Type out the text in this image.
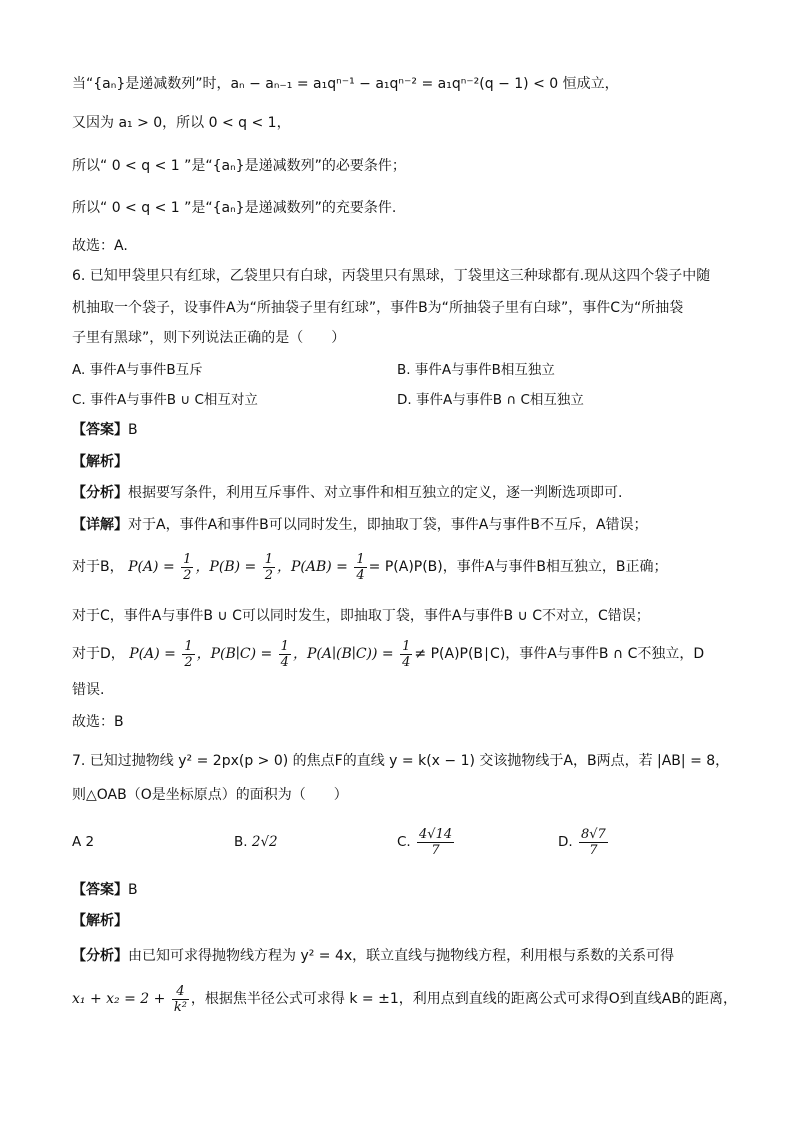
当“{aₙ}是递减数列”时，aₙ − aₙ₋₁ = a₁qⁿ⁻¹ − a₁qⁿ⁻² = a₁qⁿ⁻²(q − 1) < 0 恒成立，
又因为 a₁ > 0，所以 0 < q < 1，
所以“ 0 < q < 1 ”是“{aₙ}是递减数列”的必要条件；
所以“ 0 < q < 1 ”是“{aₙ}是递减数列”的充要条件.
故选：A.
6. 已知甲袋里只有红球，乙袋里只有白球，丙袋里只有黑球，丁袋里这三种球都有.现从这四个袋子中随
机抽取一个袋子，设事件A为“所抽袋子里有红球”，事件B为“所抽袋子里有白球”，事件C为“所抽袋
子里有黑球”，则下列说法正确的是（　　）
A. 事件A与事件B互斥	B. 事件A与事件B相互独立
C. 事件A与事件B ∪ C相互对立	D. 事件A与事件B ∩ C相互独立
【答案】B
【解析】
【分析】根据要写条件，利用互斥事件、对立事件和相互独立的定义，逐一判断选项即可.
【详解】对于A，事件A和事件B可以同时发生，即抽取丁袋，事件A与事件B不互斥，A错误；
对于B， $P(A) = \frac{1}{2}$ ，$P(B) = \frac{1}{2}$ ，$P(AB) = \frac{1}{4} = P(A)P(B)$，事件A与事件B相互独立，B正确；
对于C，事件A与事件B ∪ C可以同时发生，即抽取丁袋，事件A与事件B ∪ C不对立，C错误；
对于D， $P(A) = \frac{1}{2}$ ，P(B∣C) = $\frac{1}{4}$ ，P(A∣(B∣C)) = $\frac{1}{4}$ ≠ P(A)P(B∣C)，事件A与事件B ∩ C不独立，D
错误.
故选：B
7. 已知过抛物线 y² = 2px(p > 0) 的焦点F的直线 y = k(x − 1) 交该抛物线于A，B两点，若 |AB| = 8，
则△OAB（O是坐标原点）的面积为（　　）
A 2	B. 2√2	C. $\frac{4√14}{7}$	D. $\frac{8√7}{7}$
【答案】B
【解析】
【分析】由已知可求得抛物线方程为 y² = 4x，联立直线与抛物线方程，利用根与系数的关系可得
$x_1 + x_2 = 2 + \frac{4}{\text{k²}}$ ，根据焦半径公式可求得 k = ±1，利用点到直线的距离公式可求得O到直线AB的距离，
